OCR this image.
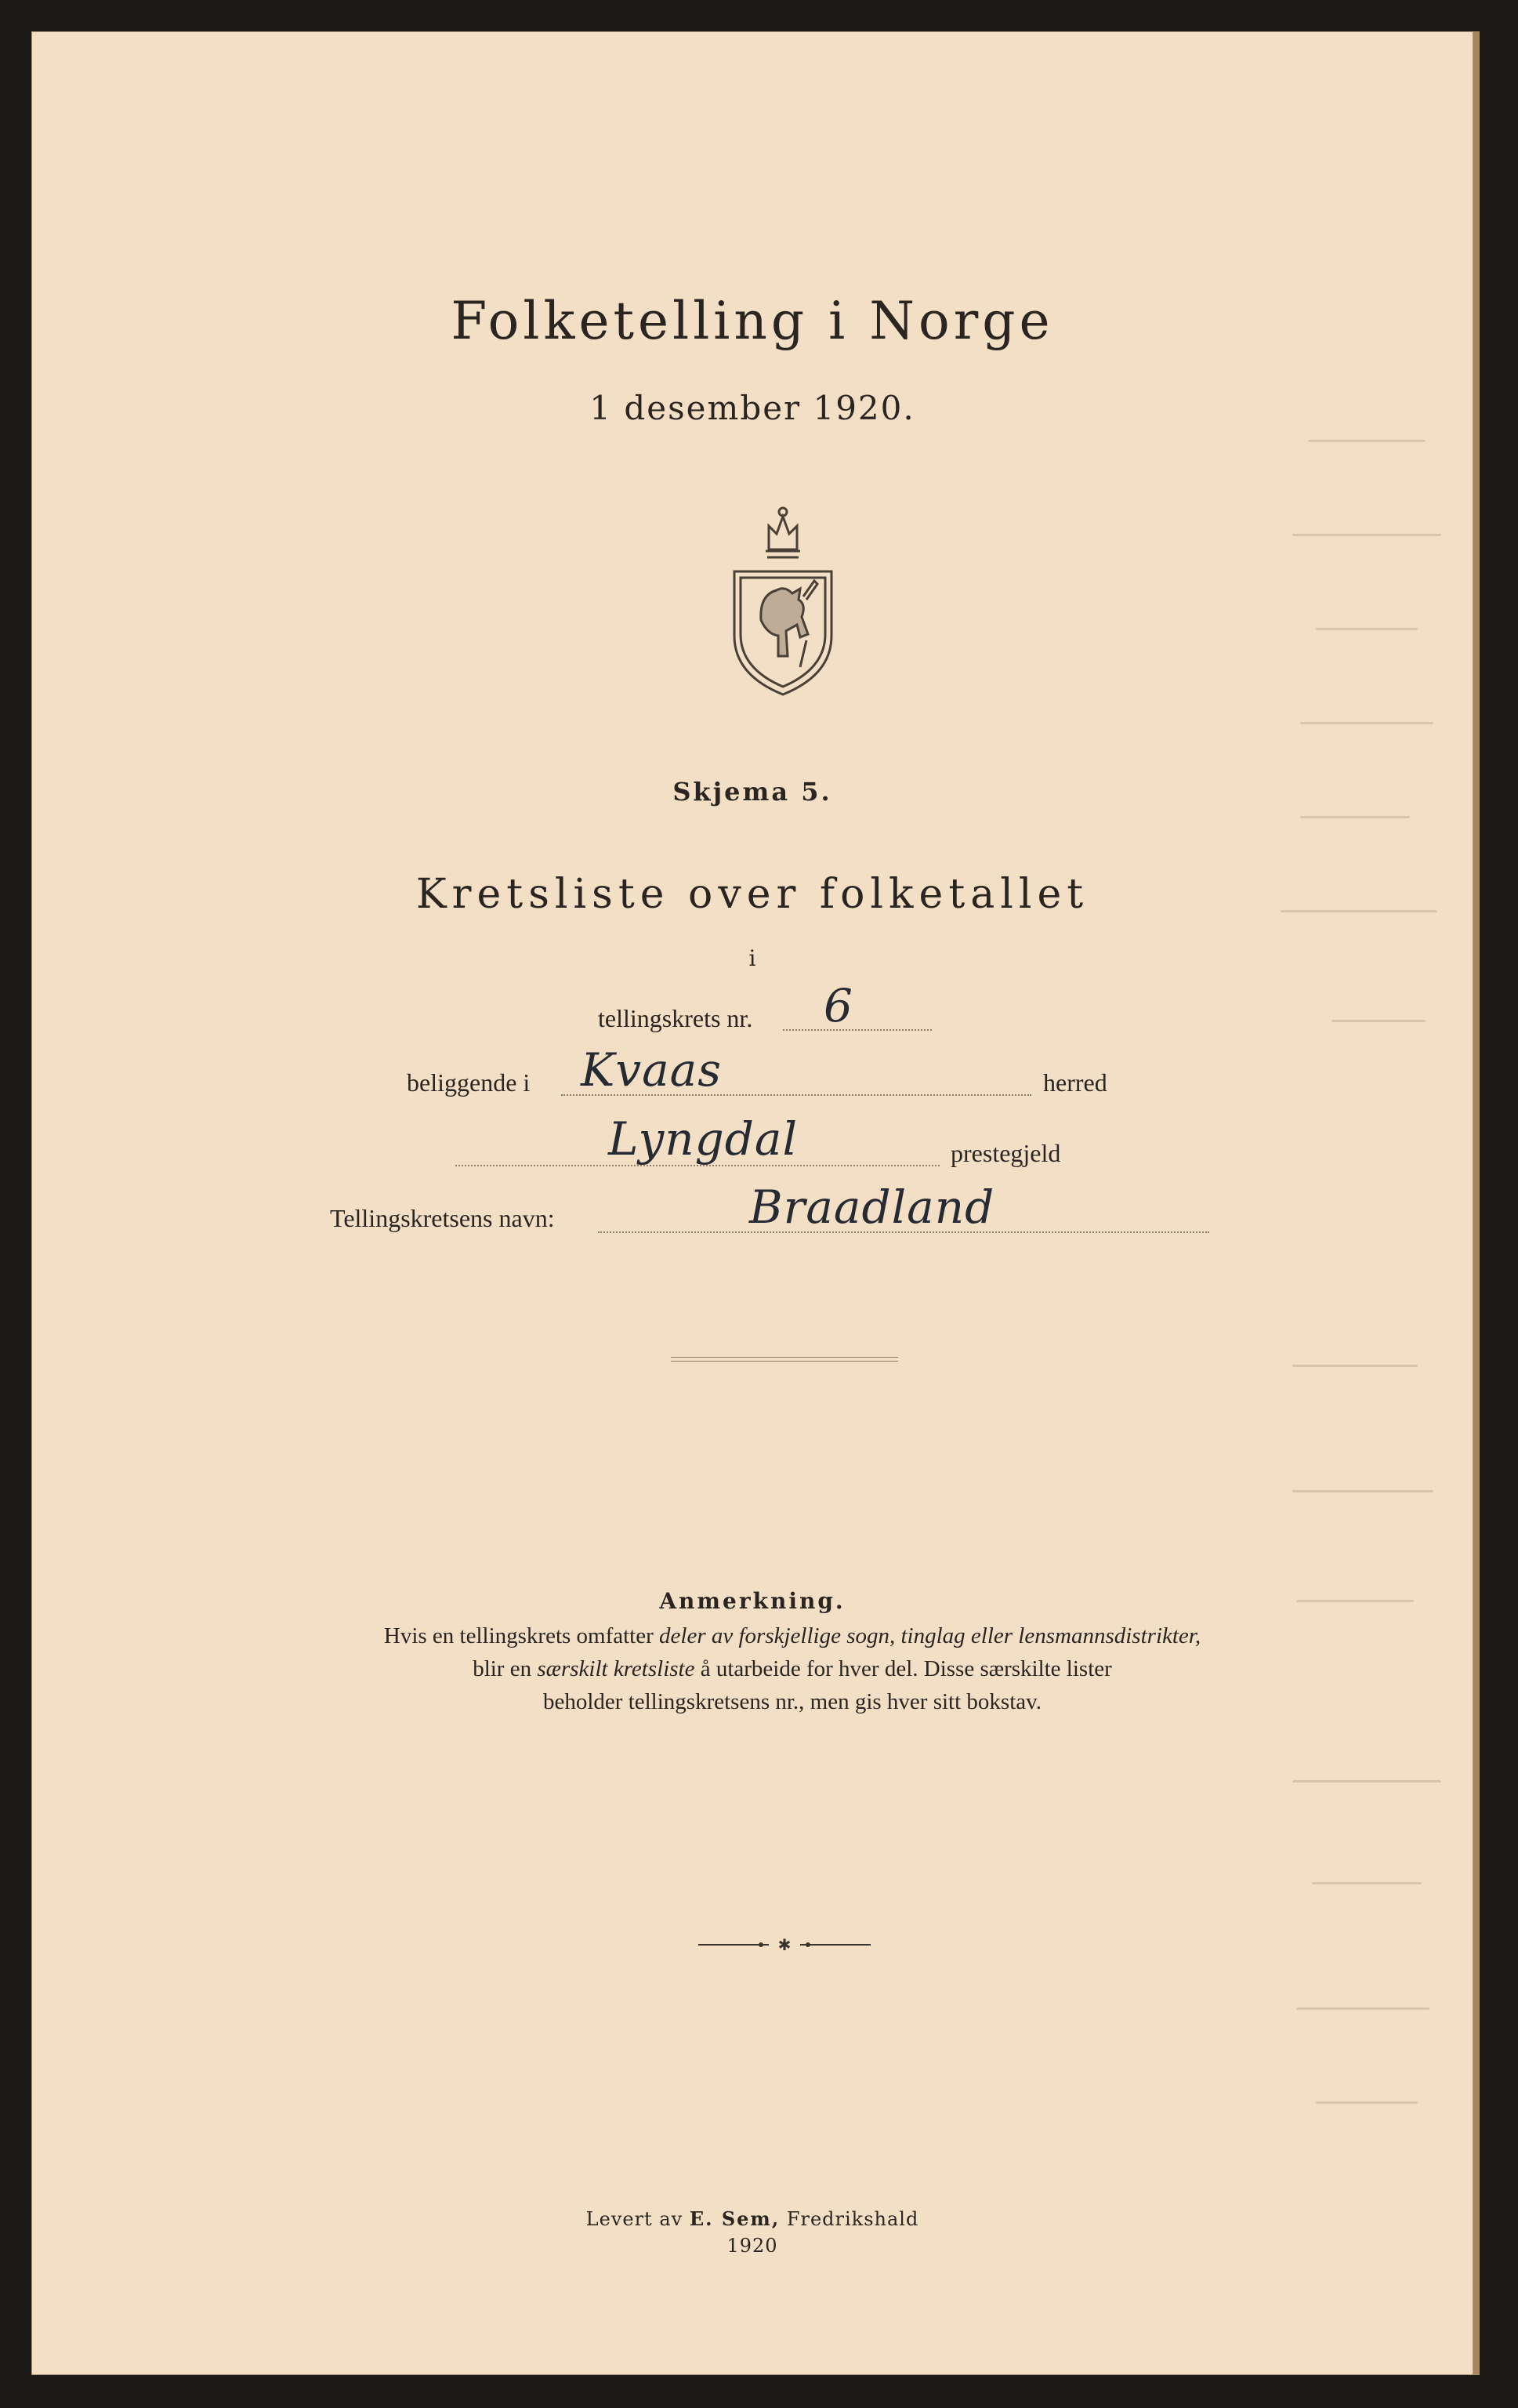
Folketelling i Norge
1 desember 1920.
Skjema 5.
Kretsliste over folketallet
i
tellingskrets nr. 6
beliggende i Kvaas	herred
Lyngdal	prestegjeld
Tellingskretsens navn:	Braadland
Anmerkning.
Hvis en tellingskrets omfatter deler av forskjellige sogn, tinglag eller lensmannsdistrikter,
blir en særskilt kretsliste å utarbeide for hver del. Disse særskilte lister
beholder tellingskretsens nr., men gis hver sitt bokstav.
✱
Levert av E. Sem, Fredrikshald
1920
